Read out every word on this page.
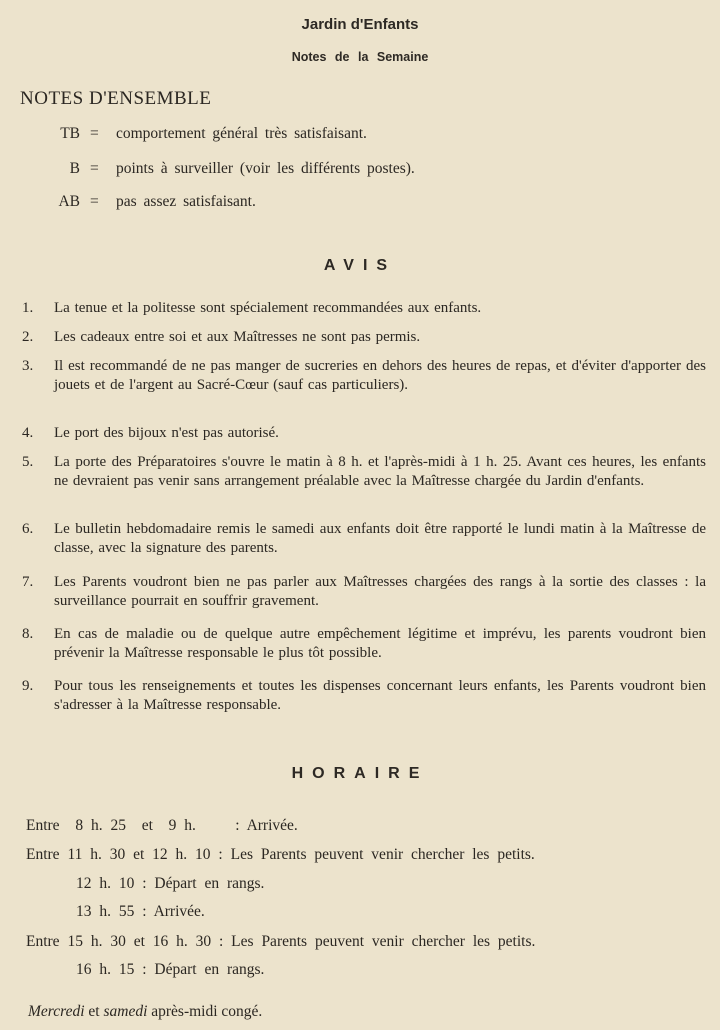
Jardin d'Enfants
Notes de la Semaine
NOTES D'ENSEMBLE
TB = comportement général très satisfaisant.
B = points à surveiller (voir les différents postes).
AB = pas assez satisfaisant.
AVIS
1.	La tenue et la politesse sont spécialement recommandées aux enfants.
2.	Les cadeaux entre soi et aux Maîtresses ne sont pas permis.
3.	Il est recommandé de ne pas manger de sucreries en dehors des heures de repas, et d'éviter d'apporter des jouets et de l'argent au Sacré-Cœur (sauf cas particuliers).
4.	Le port des bijoux n'est pas autorisé.
5.	La porte des Préparatoires s'ouvre le matin à 8 h. et l'après-midi à 1 h. 25. Avant ces heures, les enfants ne devraient pas venir sans arrangement préalable avec la Maîtresse chargée du Jardin d'enfants.
6.	Le bulletin hebdomadaire remis le samedi aux enfants doit être rapporté le lundi matin à la Maîtresse de classe, avec la signature des parents.
7.	Les Parents voudront bien ne pas parler aux Maîtresses chargées des rangs à la sortie des classes : la surveillance pourrait en souffrir gravement.
8.	En cas de maladie ou de quelque autre empêchement légitime et imprévu, les parents voudront bien prévenir la Maîtresse responsable le plus tôt possible.
9.	Pour tous les renseignements et toutes les dispenses concernant leurs enfants, les Parents voudront bien s'adresser à la Maîtresse responsable.
HORAIRE
Entre  8 h. 25  et  9 h.     : Arrivée.
Entre 11 h. 30 et 12 h. 10 : Les Parents peuvent venir chercher les petits.
12 h. 10 : Départ en rangs.
13 h. 55 : Arrivée.
Entre 15 h. 30 et 16 h. 30 : Les Parents peuvent venir chercher les petits.
16 h. 15 : Départ en rangs.
Mercredi et samedi après-midi congé.
